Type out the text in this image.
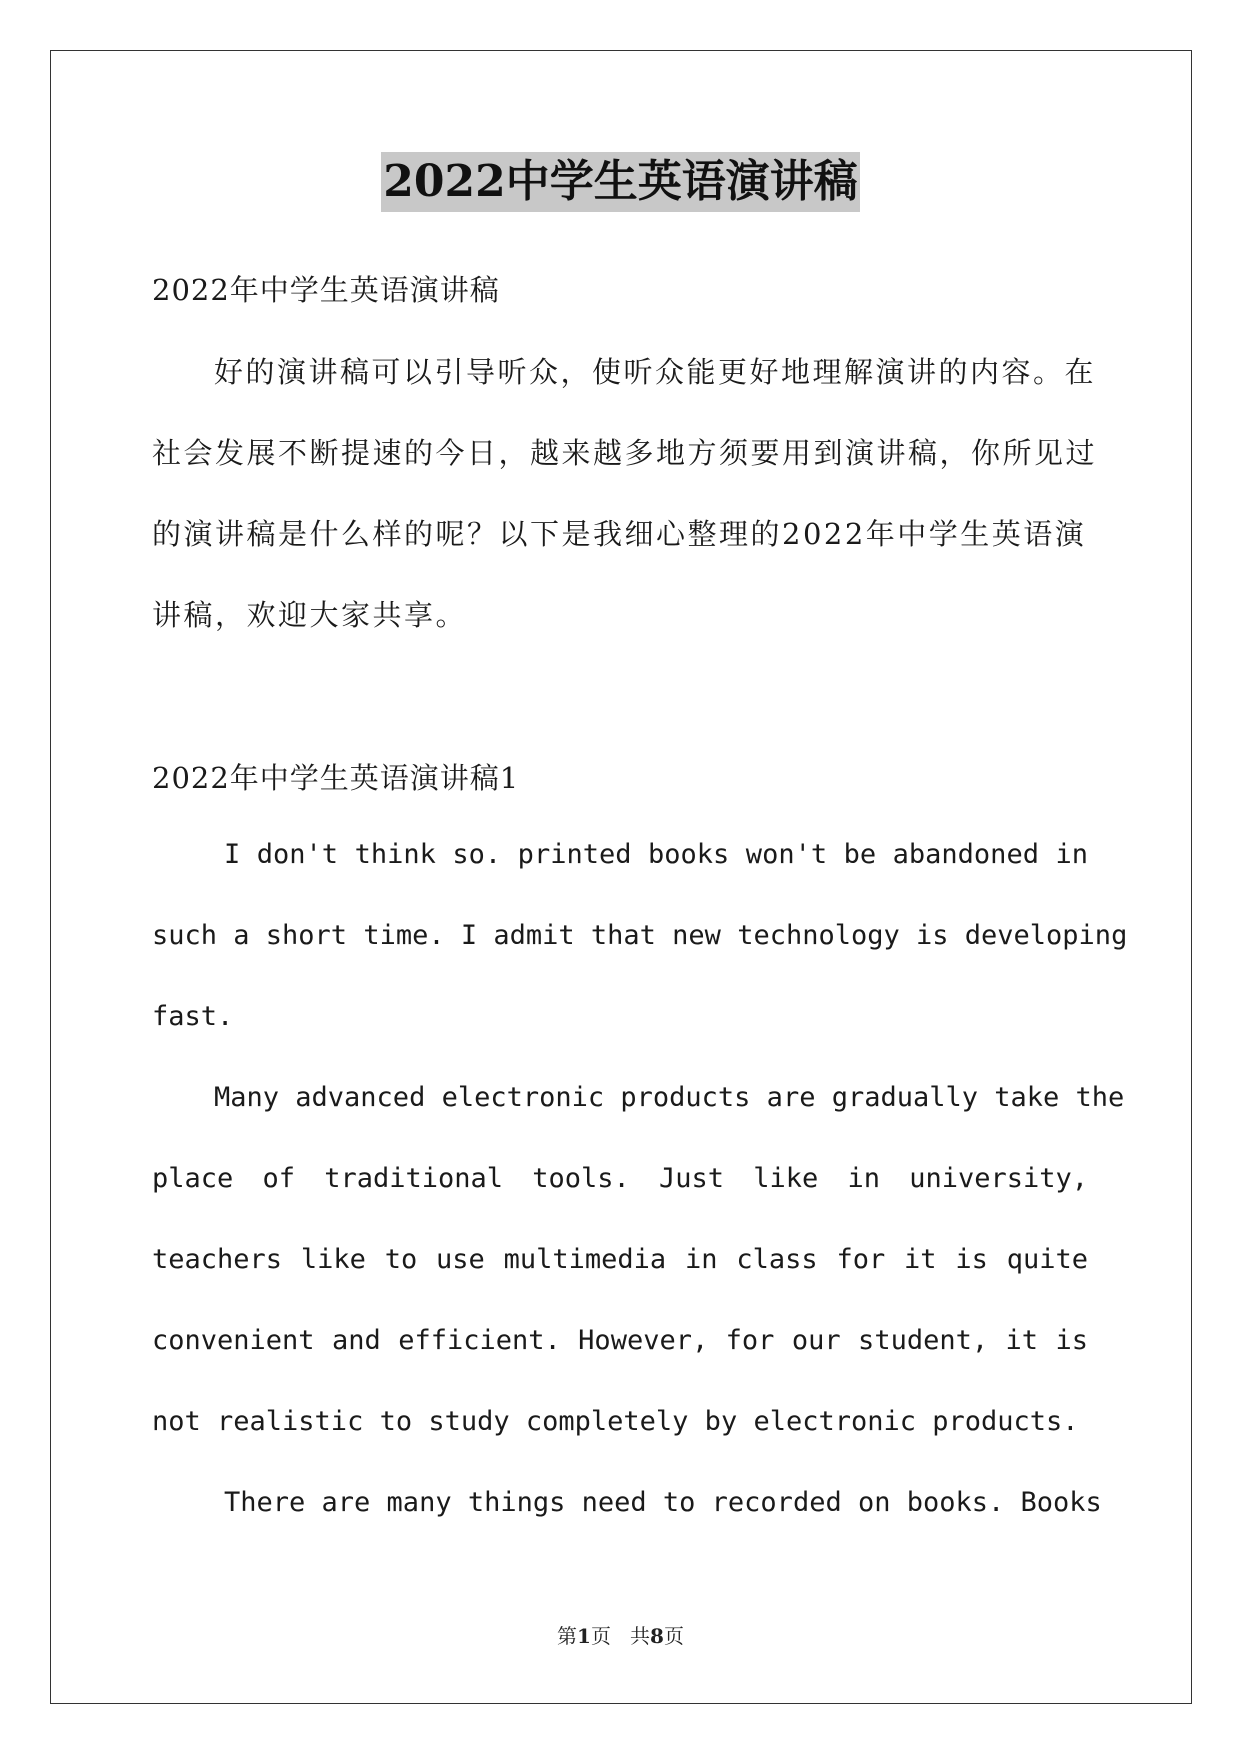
2022中学生英语演讲稿

2022年中学生英语演讲稿

好的演讲稿可以引导听众，使听众能更好地理解演讲的内容。在
社会发展不断提速的今日，越来越多地方须要用到演讲稿，你所见过
的演讲稿是什么样的呢？以下是我细心整理的2022年中学生英语演
讲稿，欢迎大家共享。

2022年中学生英语演讲稿1

I don't think so. printed books won't be abandoned in
such a short time. I admit that new technology is developing
fast.
Many advanced electronic products are gradually take the
place of traditional tools. Just like in university,
teachers like to use multimedia in class for it is quite
convenient and efficient. However, for our student, it is
not realistic to study completely by electronic products.
There are many things need to recorded on books. Books
第1页 共8页
